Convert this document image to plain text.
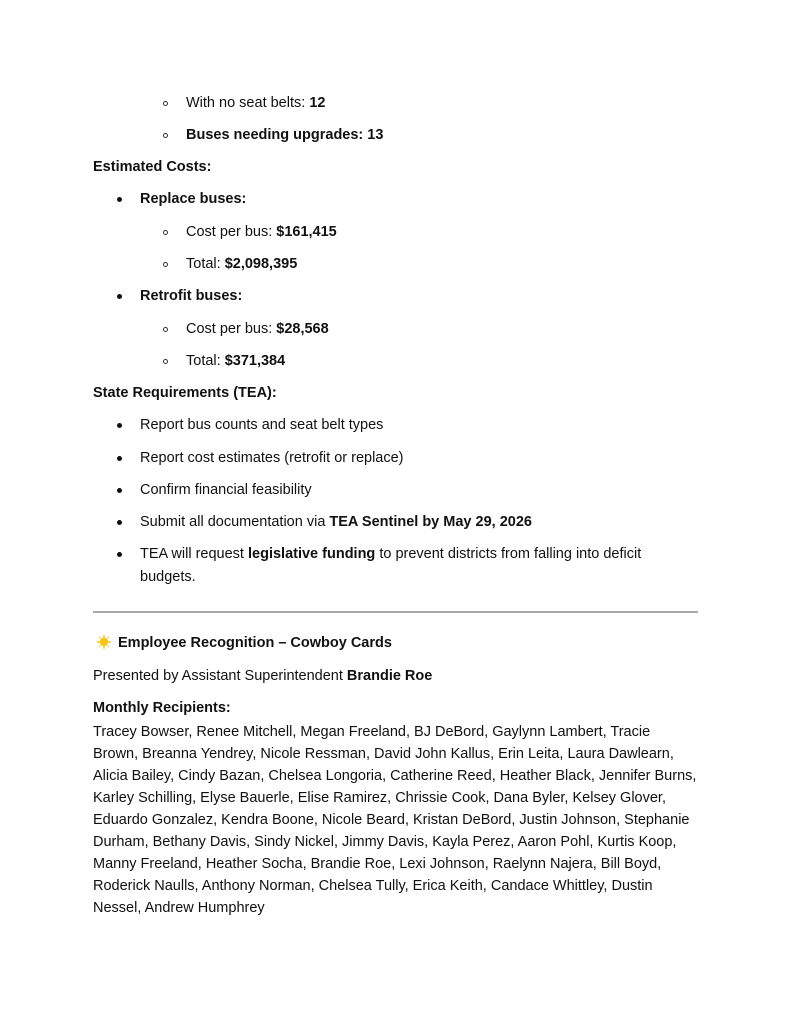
With no seat belts: 12
Buses needing upgrades: 13
Estimated Costs:
Replace buses:
Cost per bus: $161,415
Total: $2,098,395
Retrofit buses:
Cost per bus: $28,568
Total: $371,384
State Requirements (TEA):
Report bus counts and seat belt types
Report cost estimates (retrofit or replace)
Confirm financial feasibility
Submit all documentation via TEA Sentinel by May 29, 2026
TEA will request legislative funding to prevent districts from falling into deficit
budgets.
Employee Recognition – Cowboy Cards
Presented by Assistant Superintendent Brandie Roe
Monthly Recipients:
Tracey Bowser, Renee Mitchell, Megan Freeland, BJ DeBord, Gaylynn Lambert, Tracie Brown, Breanna Yendrey, Nicole Ressman, David John Kallus, Erin Leita, Laura Dawlearn, Alicia Bailey, Cindy Bazan, Chelsea Longoria, Catherine Reed, Heather Black, Jennifer Burns, Karley Schilling, Elyse Bauerle, Elise Ramirez, Chrissie Cook, Dana Byler, Kelsey Glover, Eduardo Gonzalez, Kendra Boone, Nicole Beard, Kristan DeBord, Justin Johnson, Stephanie Durham, Bethany Davis, Sindy Nickel, Jimmy Davis, Kayla Perez, Aaron Pohl, Kurtis Koop, Manny Freeland, Heather Socha, Brandie Roe, Lexi Johnson, Raelynn Najera, Bill Boyd, Roderick Naulls, Anthony Norman, Chelsea Tully, Erica Keith, Candace Whittley, Dustin Nessel, Andrew Humphrey
